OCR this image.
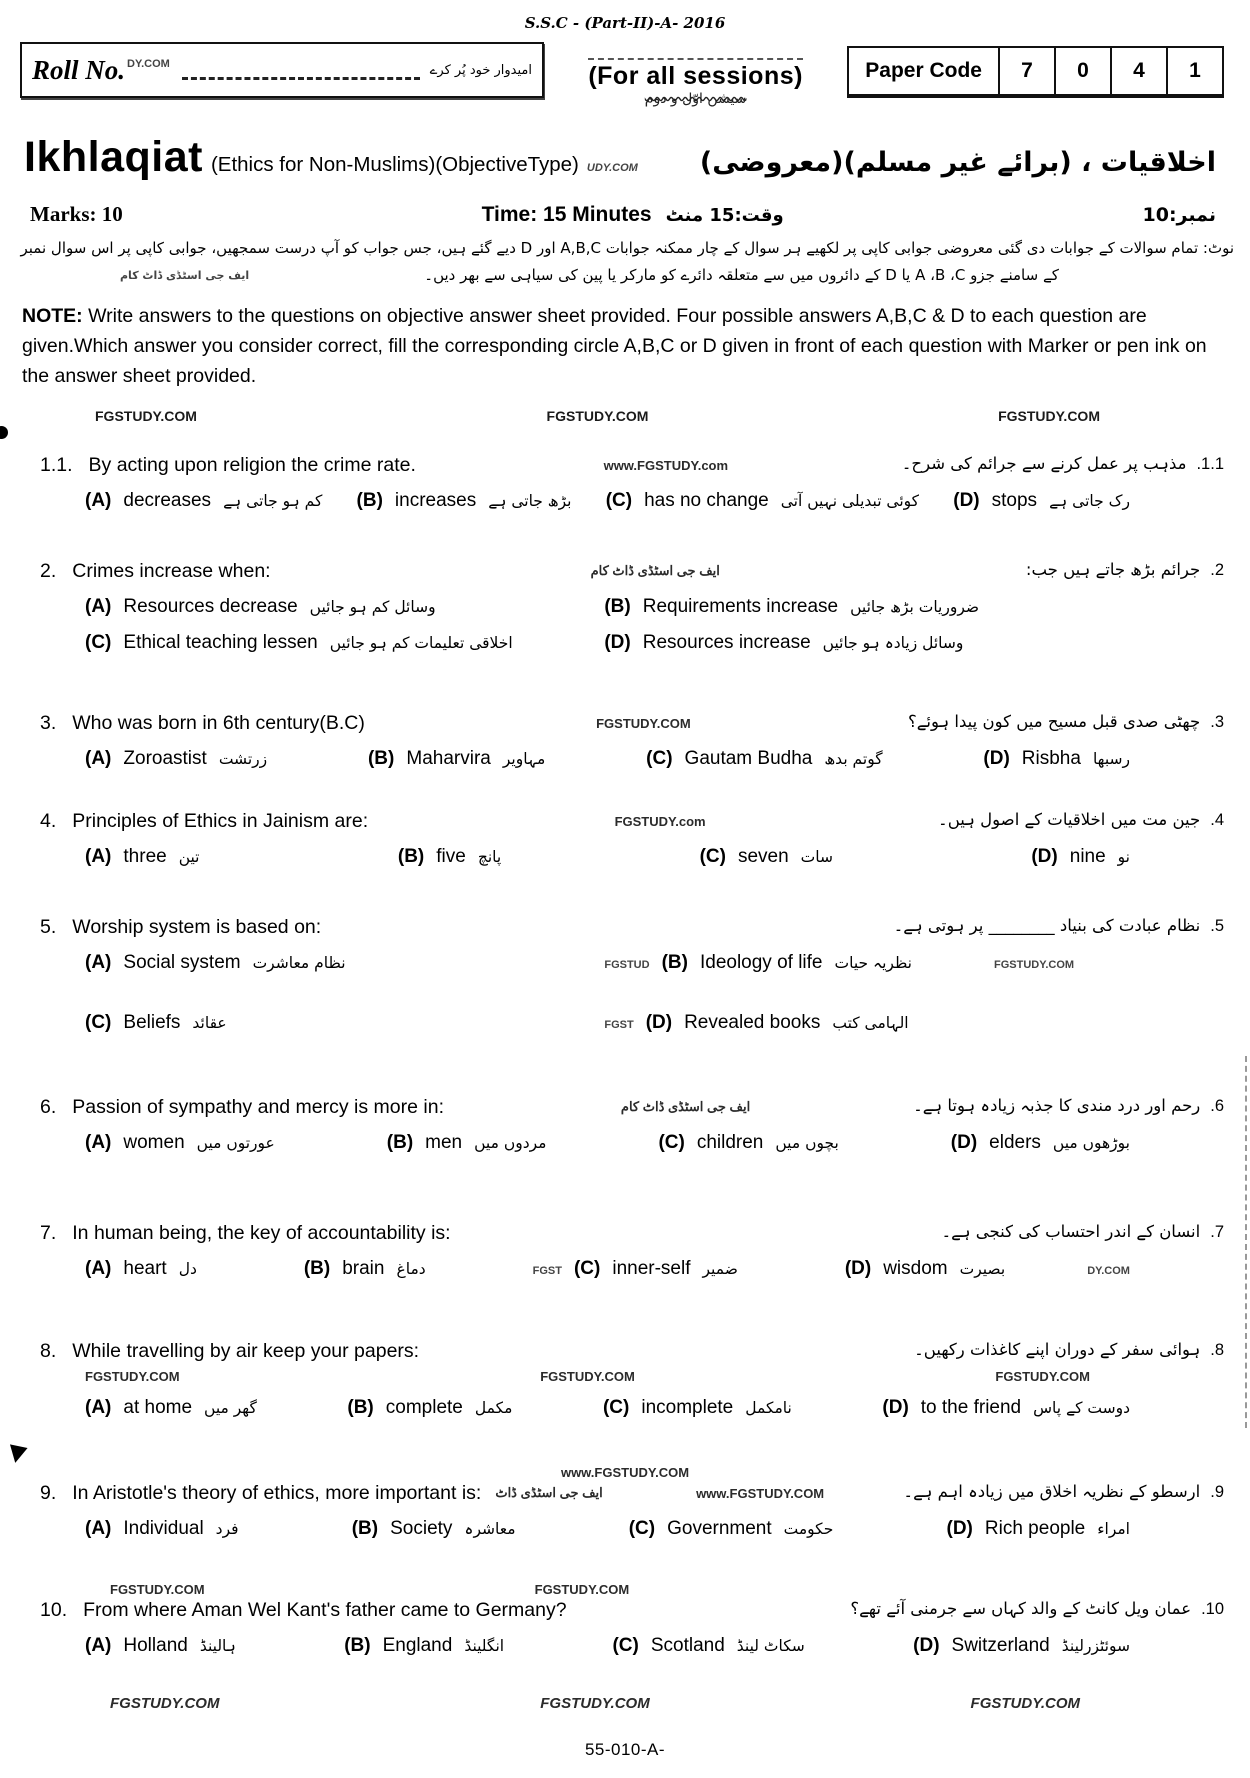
S.S.C - (Part-II)-A- 2016
Roll No. DY.COM	امیدوار خود پُر کرے (For all sessions)
سیشن اوّل و دوم
Paper Code	7	0	4	1
Ikhlaqiat (Ethics for Non-Muslims)(ObjectiveType) UDY.COM اخلاقیات ، (برائے غیر مسلم)(معروضی)
Marks: 10	Time: 15 Minutes وقت:15 منٹ	نمبر:10
نوٹ: تمام سوالات کے جوابات دی گئی معروضی جوابی کاپی پر لکھیے ہر سوال کے چار ممکنہ جوابات A,B,C اور D دیے گئے ہیں، جس جواب کو آپ درست سمجھیں، جوابی کاپی پر اس سوال نمبر
ایف جی اسٹڈی ڈاٹ کام	کے سامنے جزو A ،B ،C یا D کے دائروں میں سے متعلقہ دائرے کو مارکر یا پین کی سیاہی سے بھر دیں۔
NOTE: Write answers to the questions on objective answer sheet provided. Four possible answers A,B,C & D to each question are given.Which answer you consider correct, fill the corresponding circle A,B,C or D given in front of each question with Marker or pen ink on the answer sheet provided.
FGSTUDY.COM	FGSTUDY.COM	FGSTUDY.COM
1.1. By acting upon religion the crime rate.	www.FGSTUDY.com	مذہب پر عمل کرنے سے جرائم کی شرح۔ .1.1
(A) decreases کم ہو جاتی ہے (B) increases بڑھ جاتی ہے (C) has no change کوئی تبدیلی نہیں آتی (D) stops رک جاتی ہے
2. Crimes increase when:	ایف جی اسٹڈی ڈاٹ کام	جرائم بڑھ جاتے ہیں جب: .2
(A) Resources decrease وسائل کم ہو جائیں	(B) Requirements increase ضروریات بڑھ جائیں
(C) Ethical teaching lessen اخلاقی تعلیمات کم ہو جائیں	(D) Resources increase وسائل زیادہ ہو جائیں
3. Who was born in 6th century(B.C)	FGSTUDY.COM	چھٹی صدی قبل مسیح میں کون پیدا ہوئے؟ .3
(A) Zoroastist زرتشت	(B) Maharvira مہاویر	(C) Gautam Budha گوتم بدھ	(D) Risbha رسبھا
4. Principles of Ethics in Jainism are:	FGSTUDY.com	جین مت میں اخلاقیات کے اصول ہیں۔ .4
(A) three تین	(B) five پانچ	(C) seven سات	(D) nine نو
5. Worship system is based on:	نظام عبادت کی بنیاد ________ پر ہوتی ہے۔ .5
(A) Social system نظام معاشرت	FGSTUD (B) Ideology of life نظریہ حیات	FGSTUDY.COM
(C) Beliefs عقائد	FGST (D) Revealed books الہامی کتب
6. Passion of sympathy and mercy is more in:	ایف جی اسٹڈی ڈاٹ کام	رحم اور درد مندی کا جذبہ زیادہ ہوتا ہے۔ .6
(A) women عورتوں میں	(B) men مردوں میں	(C) children بچوں میں	(D) elders بوڑھوں میں
7. In human being, the key of accountability is:	انسان کے اندر احتساب کی کنجی ہے۔ .7
(A) heart دل	(B) brain دماغ	FGST (C) inner-self ضمیر	(D) wisdom بصیرت	DY.COM
8. While travelling by air keep your papers:	ہوائی سفر کے دوران اپنے کاغذات رکھیں۔ .8
FGSTUDY.COM	FGSTUDY.COM	FGSTUDY.COM
(A) at home گھر میں	(B) complete مکمل	(C) incomplete نامکمل	(D) to the friend دوست کے پاس
www.FGSTUDY.COM
9. In Aristotle's theory of ethics, more important is: ایف جی اسٹڈی ڈاٹ	www.FGSTUDY.COM	ارسطو کے نظریہ اخلاق میں زیادہ اہم ہے۔ .9
(A) Individual فرد	(B) Society معاشرہ	(C) Government حکومت	(D) Rich people امراء
FGSTUDY.COM	FGSTUDY.COM
10. From where Aman Wel Kant's father came to Germany?	عمان ویل کانٹ کے والد کہاں سے جرمنی آئے تھے؟ .10
(A) Holland ہالینڈ	(B) England انگلینڈ	(C) Scotland سکاٹ لینڈ	(D) Switzerland سوئٹزرلینڈ
FGSTUDY.COM	FGSTUDY.COM	FGSTUDY.COM
55-010-A-
